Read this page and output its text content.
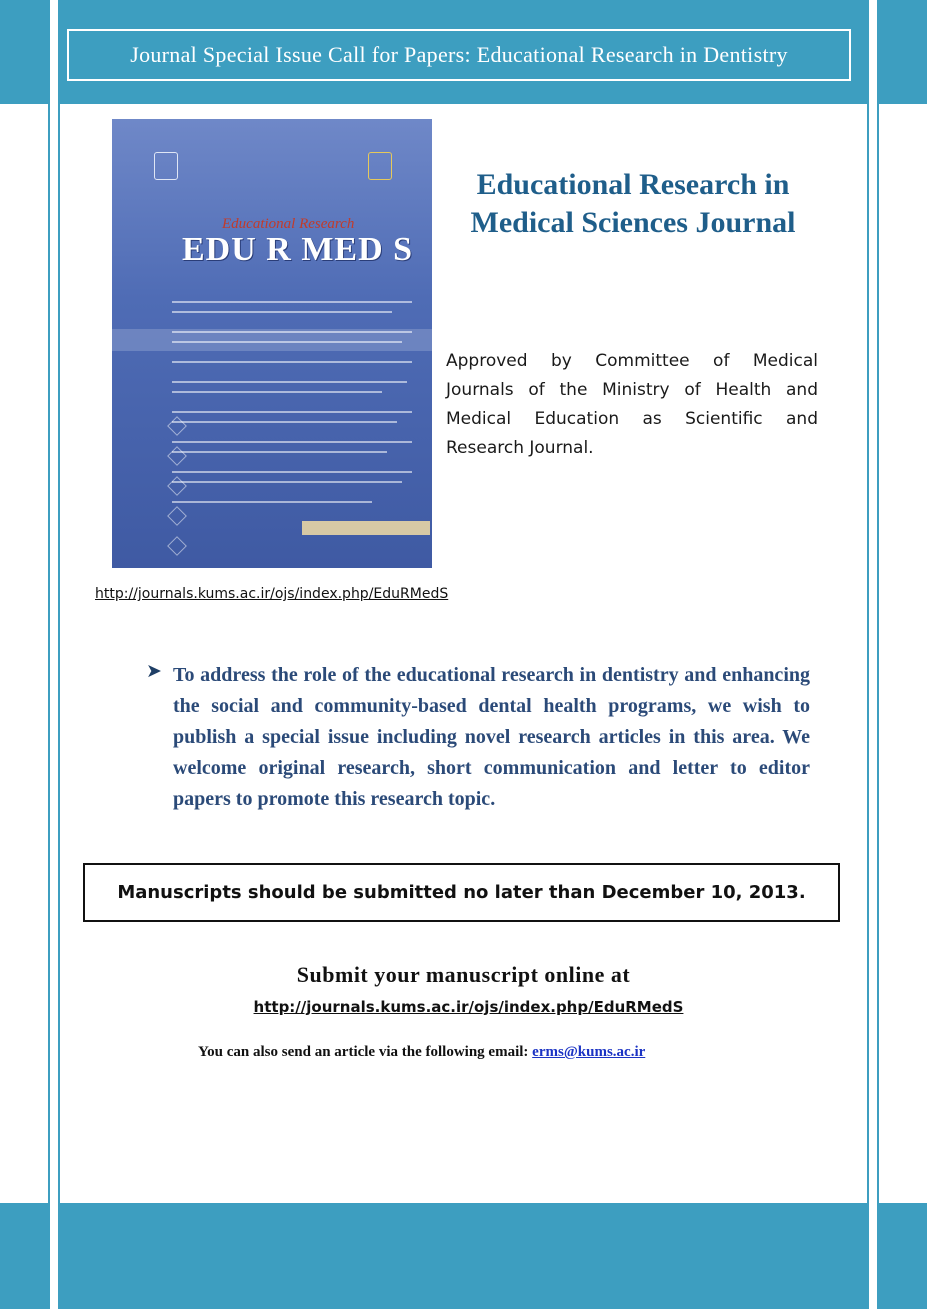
Journal Special Issue Call for Papers: Educational Research in Dentistry
Educational Research
EDU R MED S
Educational Research in
Medical Sciences Journal
Approved by Committee of Medical Journals of the Ministry of Health and Medical Education as Scientific and Research Journal.
http://journals.kums.ac.ir/ojs/index.php/EduRMedS
➤ To address the role of the educational research in dentistry and enhancing the social and community-based dental health programs, we wish to publish a special issue including novel research articles in this area. We welcome original research, short communication and letter to editor papers to promote this research topic.

Manuscripts should be submitted no later than December 10, 2013.
Submit your manuscript online at
http://journals.kums.ac.ir/ojs/index.php/EduRMedS
You can also send an article via the following email: erms@kums.ac.ir
